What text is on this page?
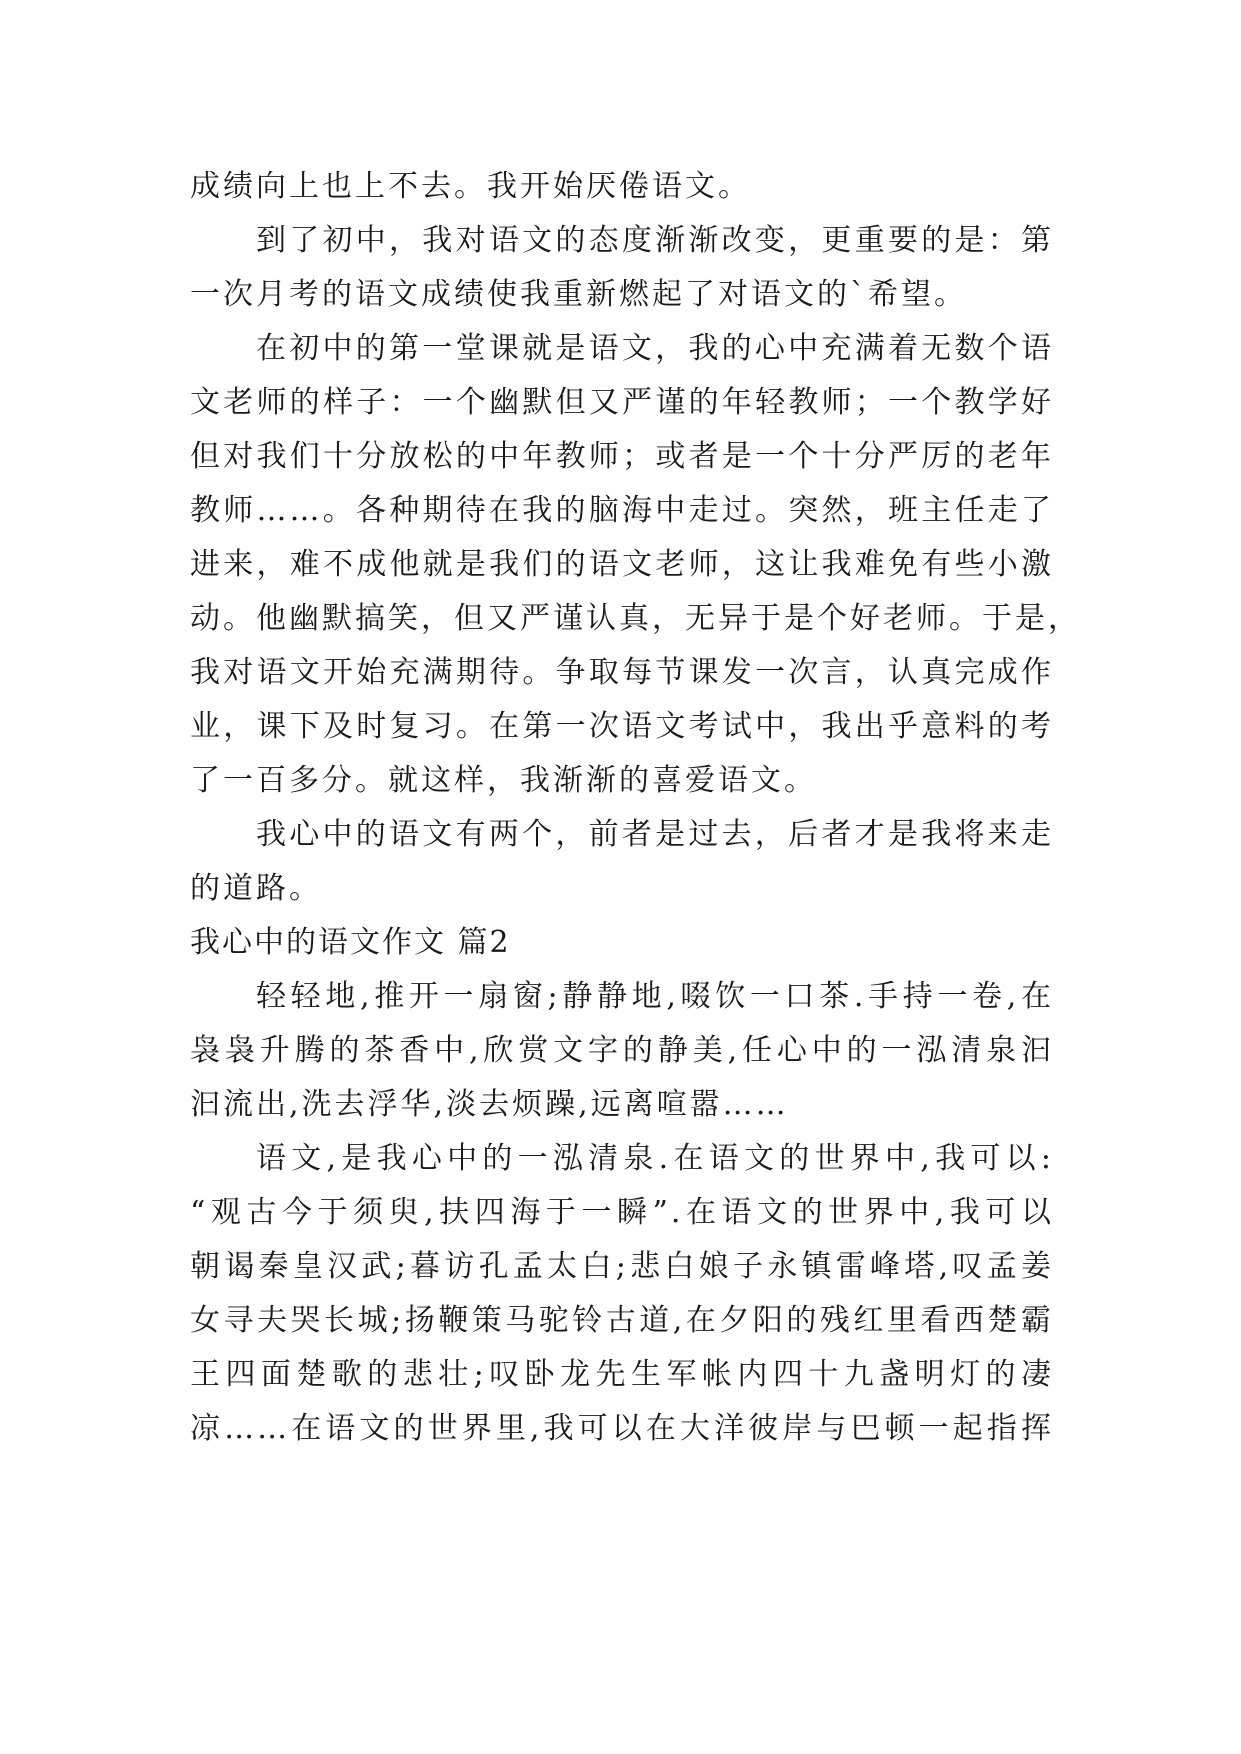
成绩向上也上不去。我开始厌倦语文。
到了初中，我对语文的态度渐渐改变，更重要的是：第
一次月考的语文成绩使我重新燃起了对语文的`希望。
在初中的第一堂课就是语文，我的心中充满着无数个语
文老师的样子：一个幽默但又严谨的年轻教师；一个教学好
但对我们十分放松的中年教师；或者是一个十分严厉的老年
教师……。各种期待在我的脑海中走过。突然，班主任走了
进来，难不成他就是我们的语文老师，这让我难免有些小激
动。他幽默搞笑，但又严谨认真，无异于是个好老师。于是，
我对语文开始充满期待。争取每节课发一次言，认真完成作
业，课下及时复习。在第一次语文考试中，我出乎意料的考
了一百多分。就这样，我渐渐的喜爱语文。
我心中的语文有两个，前者是过去，后者才是我将来走
的道路。
我心中的语文作文 篇2
轻轻地,推开一扇窗;静静地,啜饮一口茶.手持一卷,在
袅袅升腾的茶香中,欣赏文字的静美,任心中的一泓清泉汩
汩流出,洗去浮华,淡去烦躁,远离喧嚣……
语文,是我心中的一泓清泉.在语文的世界中,我可以:
“观古今于须臾,扶四海于一瞬”.在语文的世界中,我可以
朝谒秦皇汉武;暮访孔孟太白;悲白娘子永镇雷峰塔,叹孟姜
女寻夫哭长城;扬鞭策马驼铃古道,在夕阳的残红里看西楚霸
王四面楚歌的悲壮;叹卧龙先生军帐内四十九盏明灯的凄
凉……在语文的世界里,我可以在大洋彼岸与巴顿一起指挥
